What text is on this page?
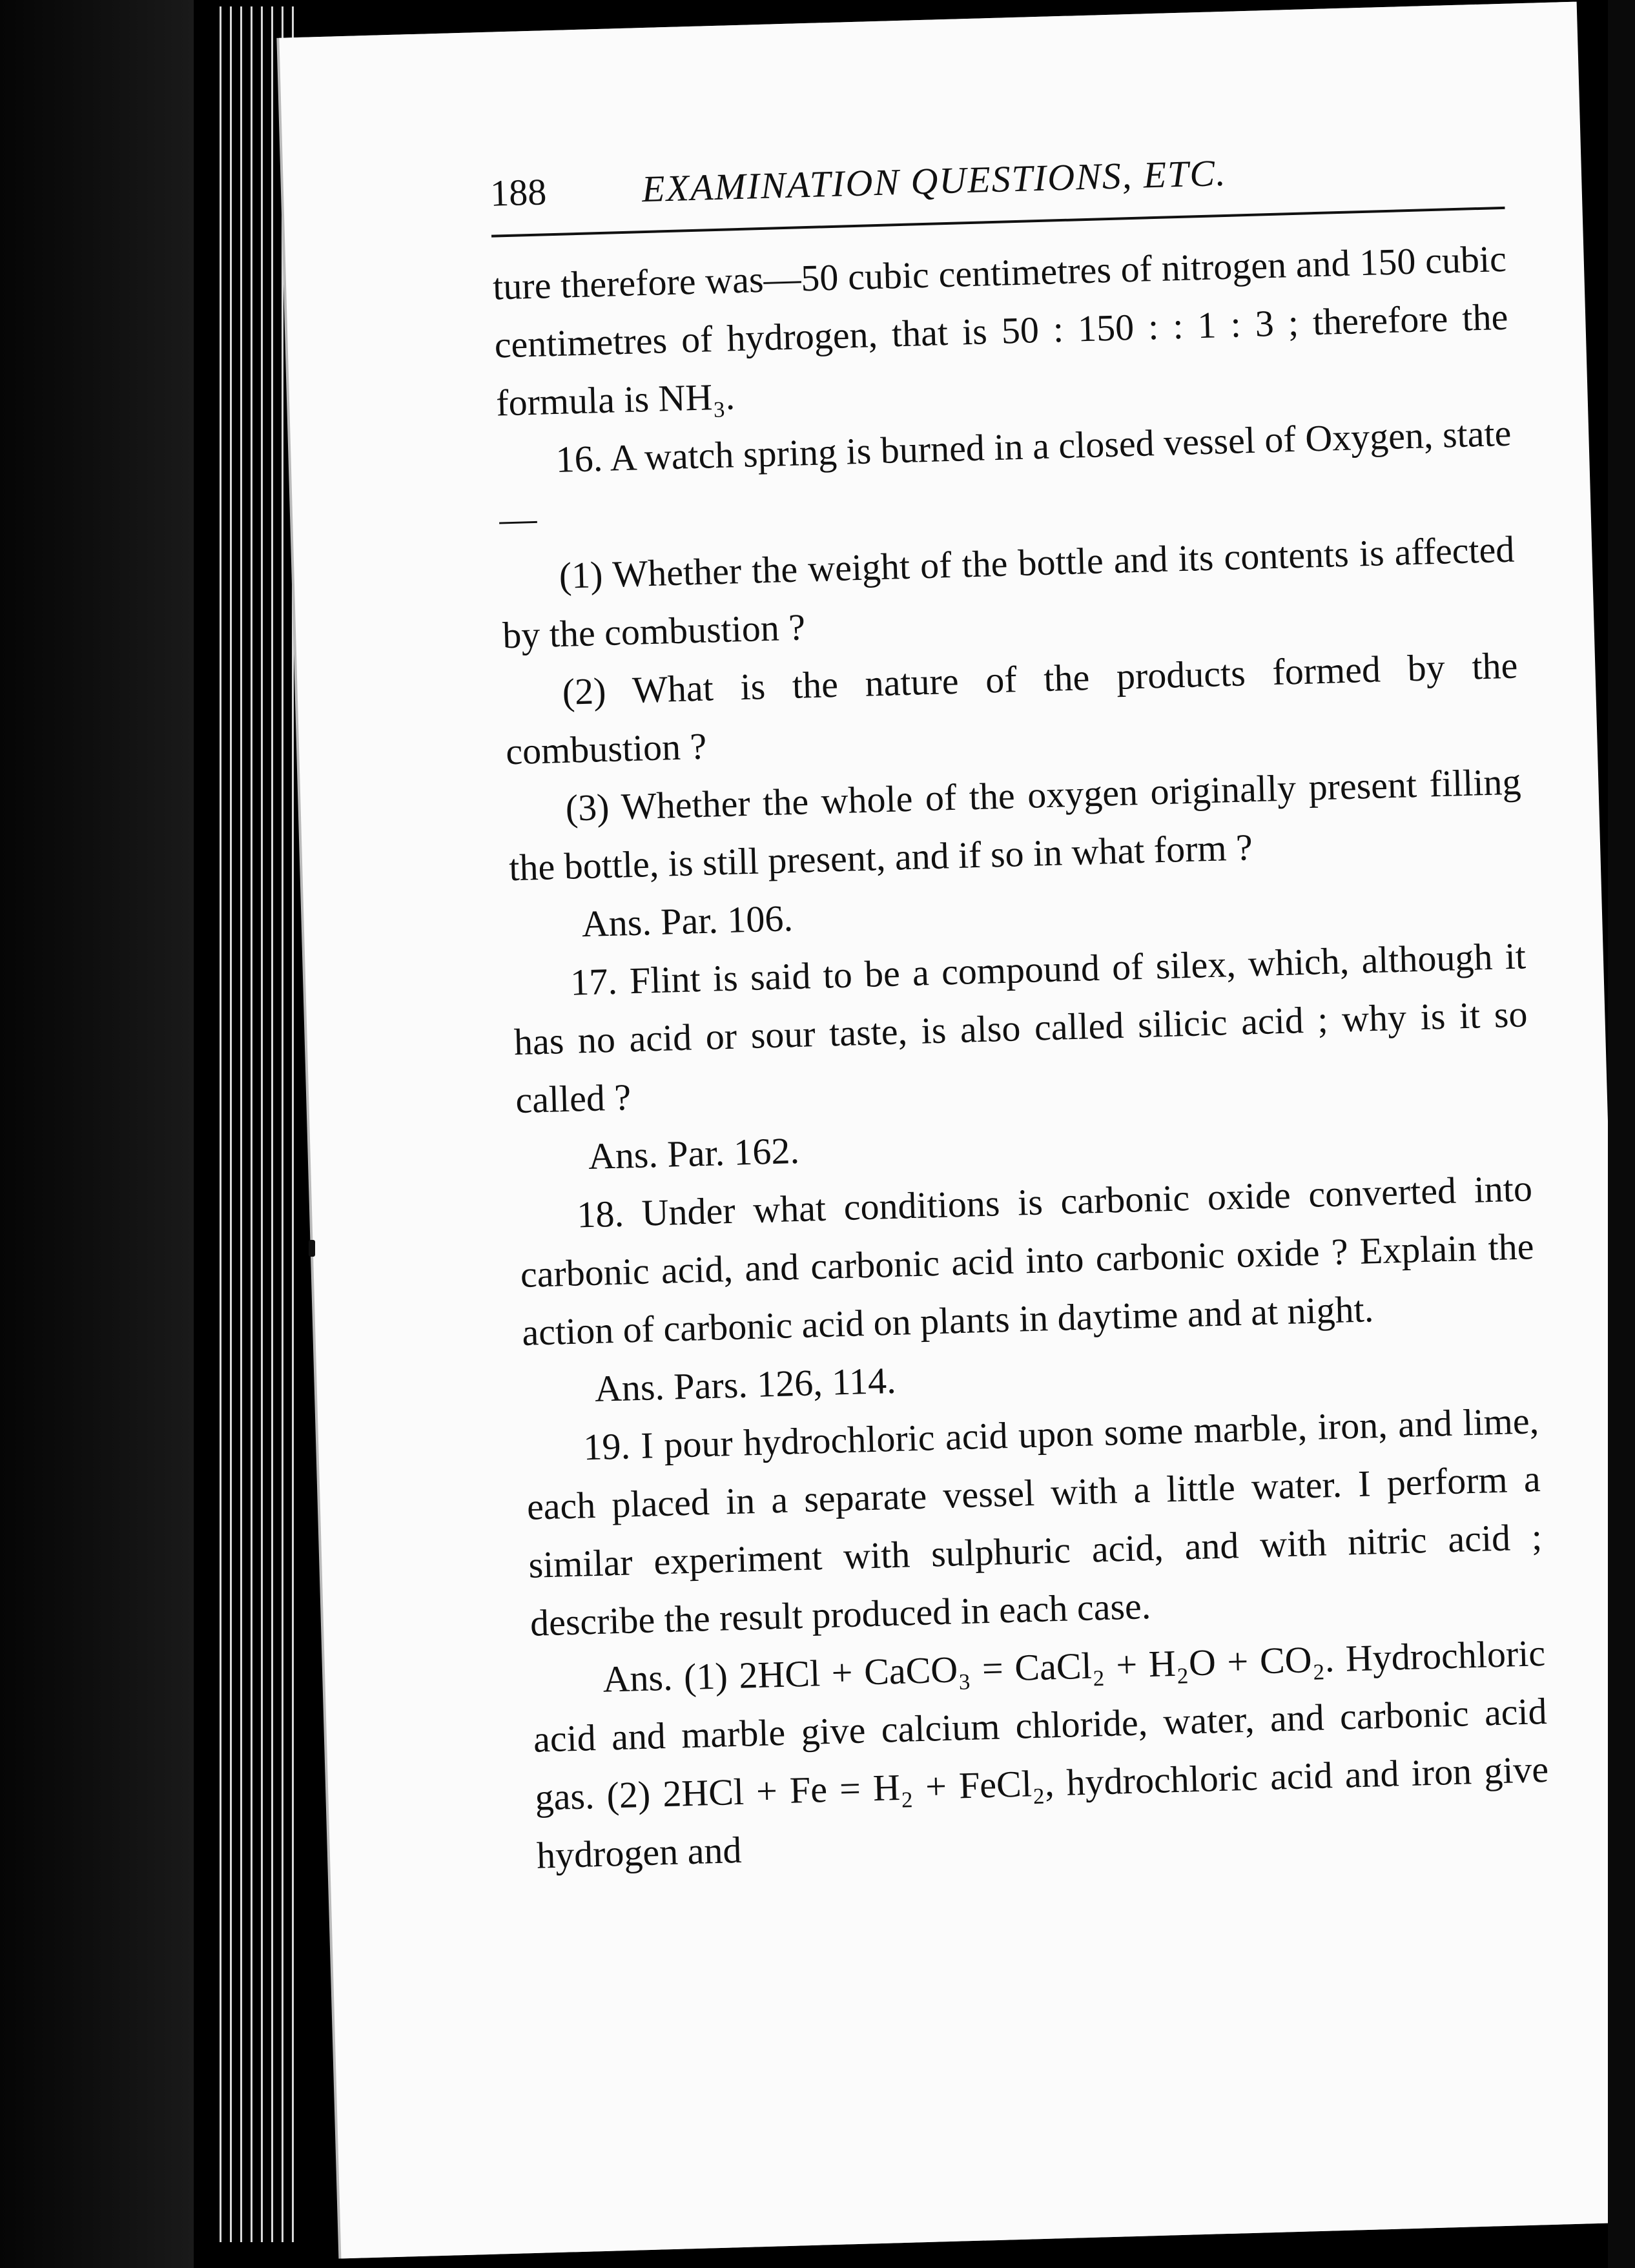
188	EXAMINATION QUESTIONS, ETC.

ture therefore was—50 cubic centimetres of nitrogen and 150 cubic centimetres of hydrogen, that is 50 : 150 : : 1 : 3 ; therefore the formula is NH₃.

16. A watch spring is burned in a closed vessel of Oxygen, state—

(1) Whether the weight of the bottle and its contents is affected by the combustion ?

(2) What is the nature of the products formed by the combustion ?

(3) Whether the whole of the oxygen originally present filling the bottle, is still present, and if so in what form ?

Ans. Par. 106.

17. Flint is said to be a compound of silex, which, although it has no acid or sour taste, is also called silicic acid ; why is it so called ?

Ans. Par. 162.

18. Under what conditions is carbonic oxide converted into carbonic acid, and carbonic acid into carbonic oxide ? Explain the action of carbonic acid on plants in daytime and at night.

Ans. Pars. 126, 114.

19. I pour hydrochloric acid upon some marble, iron, and lime, each placed in a separate vessel with a little water. I perform a similar experiment with sulphuric acid, and with nitric acid ; describe the result produced in each case.

Ans. (1) 2HCl + CaCO₃ = CaCl₂ + H₂O + CO₂. Hydrochloric acid and marble give calcium chloride, water, and carbonic acid gas. (2) 2HCl + Fe = H₂ + FeCl₂, hydrochloric acid and iron give hydrogen and
